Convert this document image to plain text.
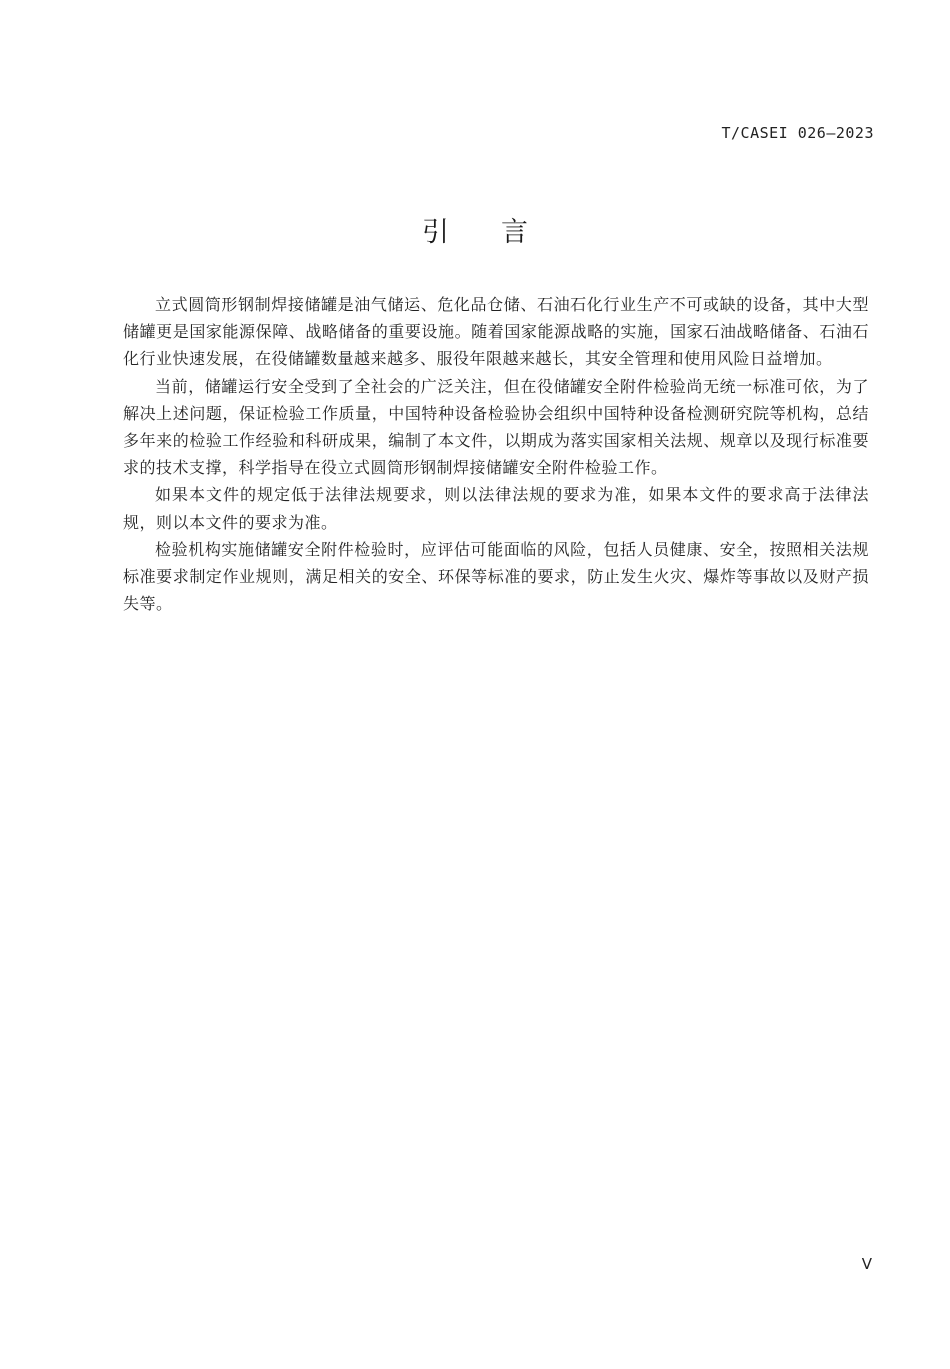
T/CASEI 026—2023
引言

立式圆筒形钢制焊接储罐是油气储运、危化品仓储、石油石化行业生产不可或缺的设备，其中大型储罐更是国家能源保障、战略储备的重要设施。随着国家能源战略的实施，国家石油战略储备、石油石化行业快速发展，在役储罐数量越来越多、服役年限越来越长，其安全管理和使用风险日益增加。

当前，储罐运行安全受到了全社会的广泛关注，但在役储罐安全附件检验尚无统一标准可依，为了解决上述问题，保证检验工作质量，中国特种设备检验协会组织中国特种设备检测研究院等机构，总结多年来的检验工作经验和科研成果，编制了本文件，以期成为落实国家相关法规、规章以及现行标准要求的技术支撑，科学指导在役立式圆筒形钢制焊接储罐安全附件检验工作。

如果本文件的规定低于法律法规要求，则以法律法规的要求为准，如果本文件的要求高于法律法规，则以本文件的要求为准。

检验机构实施储罐安全附件检验时，应评估可能面临的风险，包括人员健康、安全，按照相关法规标准要求制定作业规则，满足相关的安全、环保等标准的要求，防止发生火灾、爆炸等事故以及财产损失等。

V
